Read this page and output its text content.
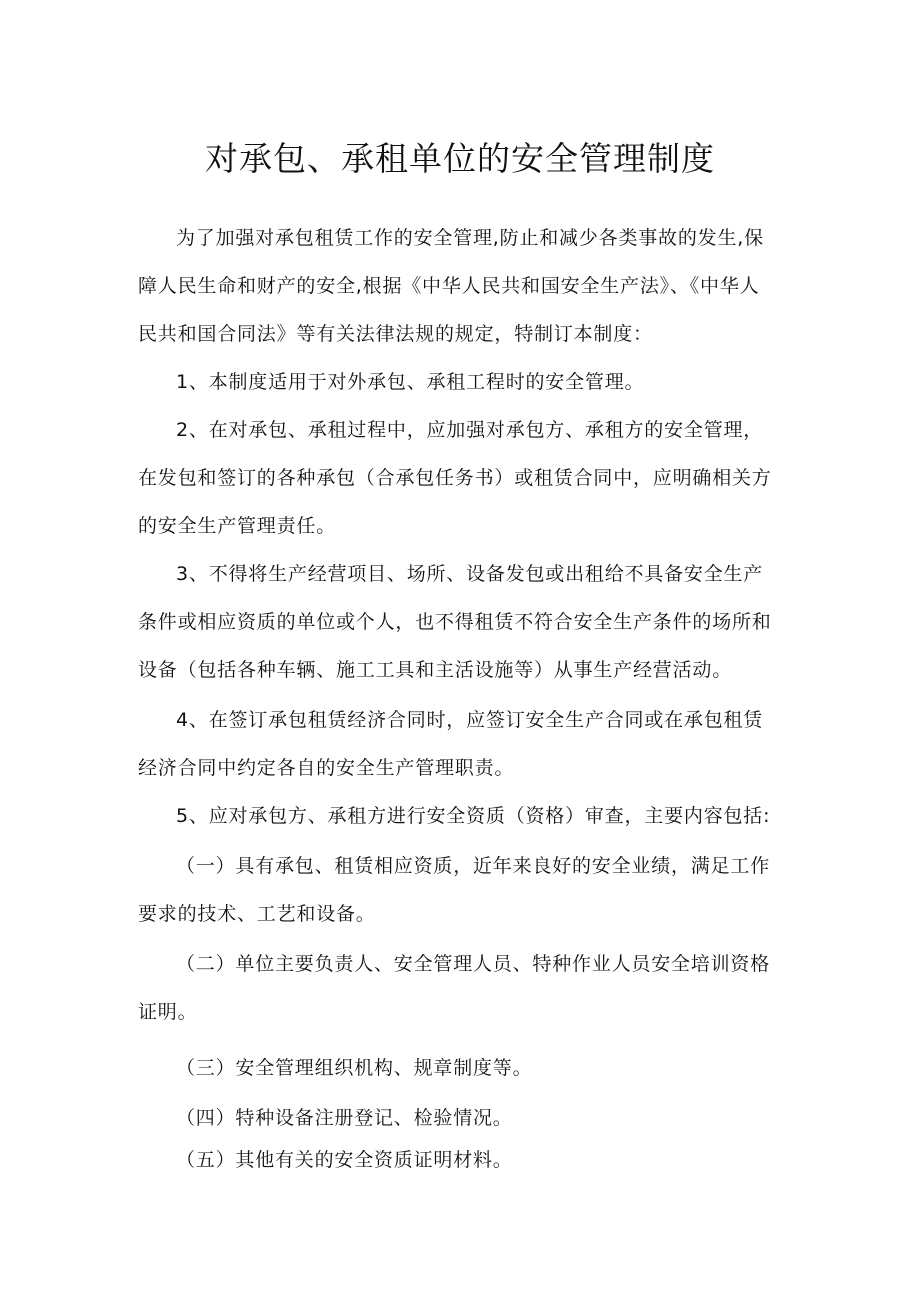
对承包、承租单位的安全管理制度
为了加强对承包租赁工作的安全管理,防止和减少各类事故的发生,保
障人民生命和财产的安全,根据《中华人民共和国安全生产法》、《中华人
民共和国合同法》等有关法律法规的规定，特制订本制度：
1、本制度适用于对外承包、承租工程时的安全管理。
2、在对承包、承租过程中，应加强对承包方、承租方的安全管理，
在发包和签订的各种承包（合承包任务书）或租赁合同中，应明确相关方
的安全生产管理责任。
3、不得将生产经营项目、场所、设备发包或出租给不具备安全生产
条件或相应资质的单位或个人，也不得租赁不符合安全生产条件的场所和
设备（包括各种车辆、施工工具和主活设施等）从事生产经营活动。
4、在签订承包租赁经济合同时，应签订安全生产合同或在承包租赁
经济合同中约定各自的安全生产管理职责。
5、应对承包方、承租方进行安全资质（资格）审查，主要内容包括:
（一）具有承包、租赁相应资质，近年来良好的安全业绩，满足工作
要求的技术、工艺和设备。
（二）单位主要负责人、安全管理人员、特种作业人员安全培训资格
证明。
（三）安全管理组织机构、规章制度等。
（四）特种设备注册登记、检验情况。
（五）其他有关的安全资质证明材料。
